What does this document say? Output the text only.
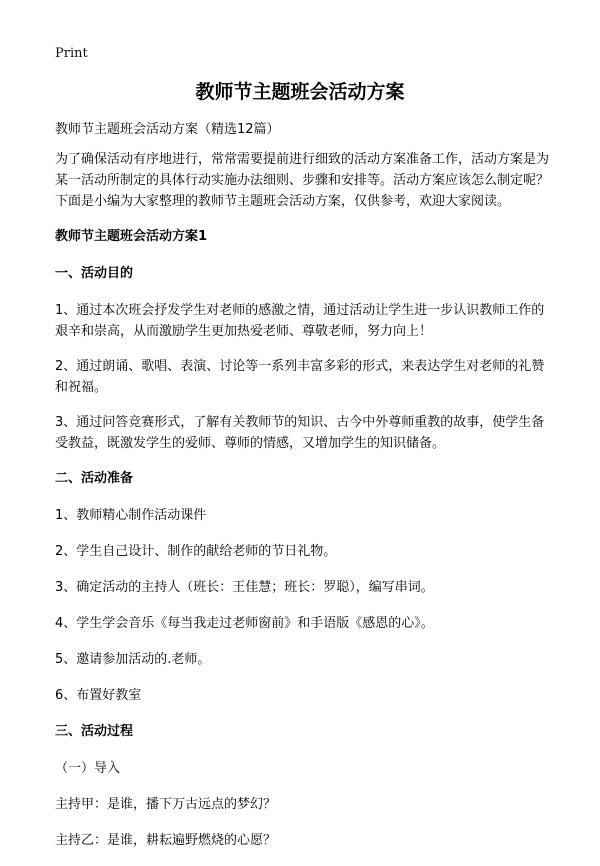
Print
教师节主题班会活动方案

教师节主题班会活动方案（精选12篇）

为了确保活动有序地进行，常常需要提前进行细致的活动方案准备工作，活动方案是为某一活动所制定的具体行动实施办法细则、步骤和安排等。活动方案应该怎么制定呢？下面是小编为大家整理的教师节主题班会活动方案，仅供参考，欢迎大家阅读。

教师节主题班会活动方案1

一、活动目的

1、通过本次班会抒发学生对老师的感激之情，通过活动让学生进一步认识教师工作的艰辛和崇高，从而激励学生更加热爱老师、尊敬老师，努力向上！

2、通过朗诵、歌唱、表演、讨论等一系列丰富多彩的形式，来表达学生对老师的礼赞和祝福。

3、通过问答竞赛形式，了解有关教师节的知识、古今中外尊师重教的故事，使学生备受教益，既激发学生的爱师、尊师的情感，又增加学生的知识储备。

二、活动准备

1、教师精心制作活动课件

2、学生自己设计、制作的献给老师的节日礼物。

3、确定活动的主持人（班长：王佳慧；班长：罗聪），编写串词。

4、学生学会音乐《每当我走过老师窗前》和手语版《感恩的心》。

5、邀请参加活动的.老师。

6、布置好教室

三、活动过程

（一）导入

主持甲：是谁，播下万古远点的梦幻？

主持乙：是谁，耕耘遍野燃烧的心愿？
